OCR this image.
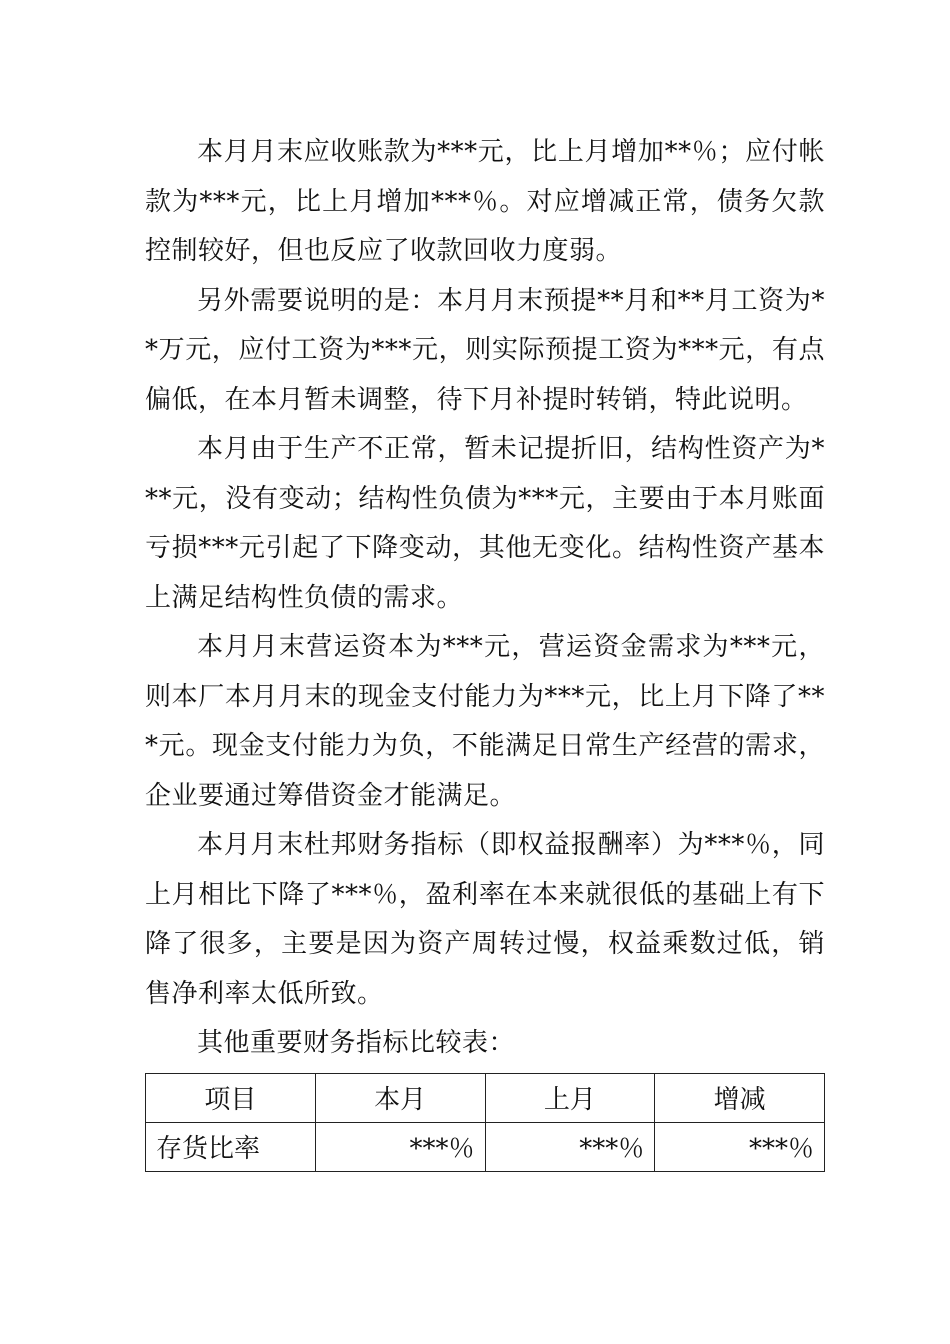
本月月末应收账款为***元，比上月增加**％；应付帐款为***元，比上月增加***％。对应增减正常，债务欠款控制较好，但也反应了收款回收力度弱。

另外需要说明的是：本月月末预提**月和**月工资为**万元，应付工资为***元，则实际预提工资为***元，有点偏低，在本月暂未调整，待下月补提时转销，特此说明。

本月由于生产不正常，暂未记提折旧，结构性资产为***元，没有变动；结构性负债为***元，主要由于本月账面亏损***元引起了下降变动，其他无变化。结构性资产基本上满足结构性负债的需求。

本月月末营运资本为***元，营运资金需求为***元，则本厂本月月末的现金支付能力为***元，比上月下降了***元。现金支付能力为负，不能满足日常生产经营的需求，企业要通过筹借资金才能满足。

本月月末杜邦财务指标（即权益报酬率）为***％，同上月相比下降了***％，盈利率在本来就很低的基础上有下降了很多，主要是因为资产周转过慢，权益乘数过低，销售净利率太低所致。

其他重要财务指标比较表：

项目	本月	上月	增减
存货比率	***％	***％	***％
